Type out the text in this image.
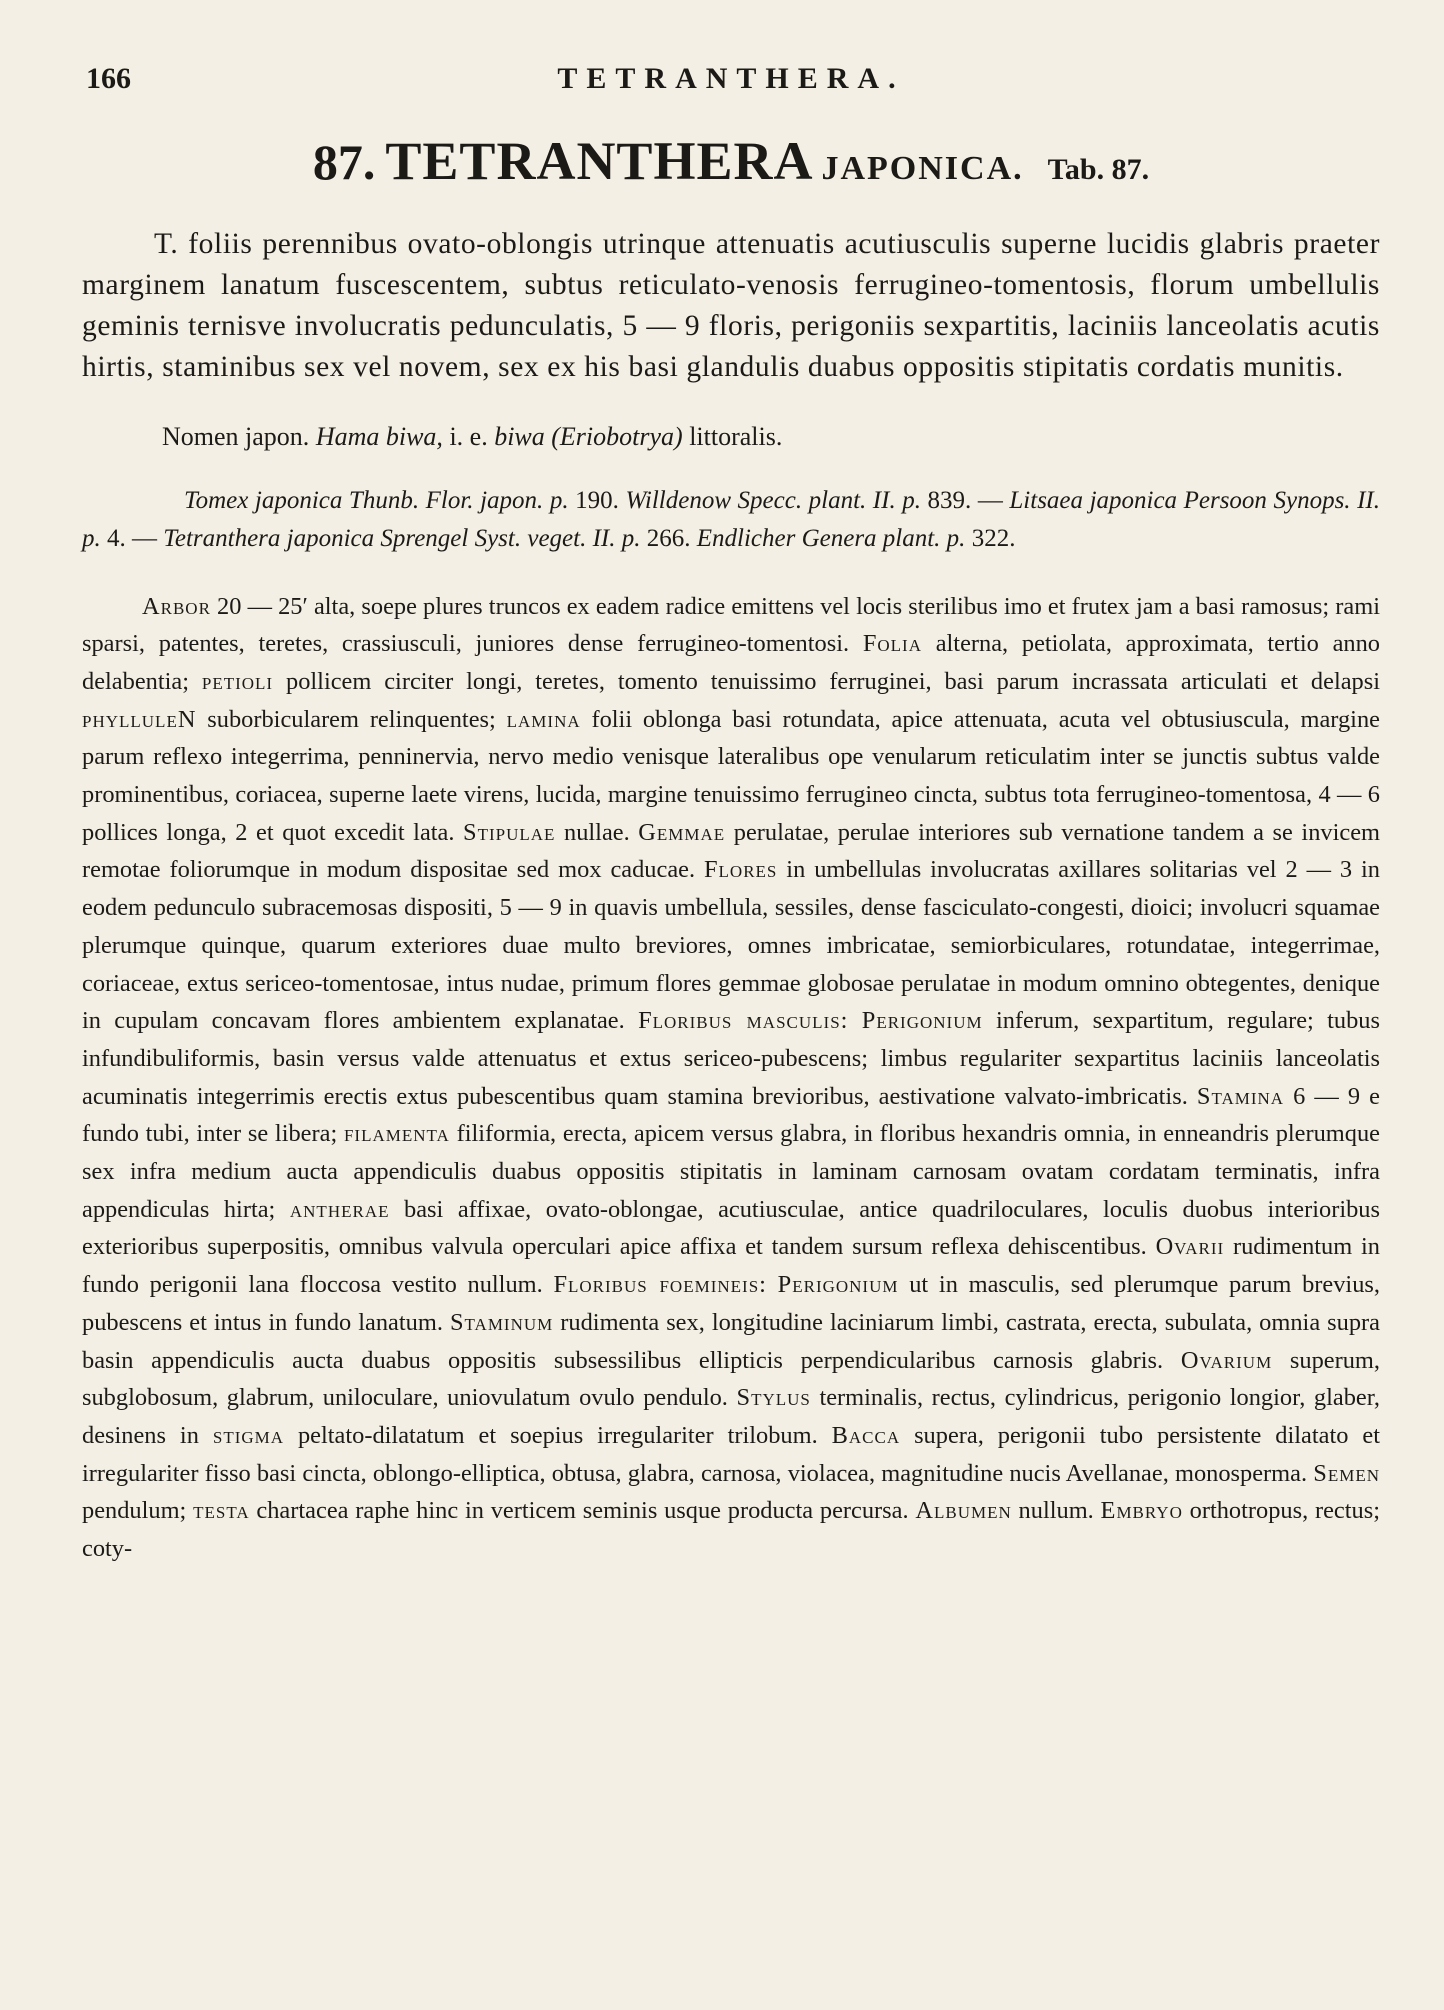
166	TETRANTHERA.
87. TETRANTHERA JAPONICA. Tab. 87.

T. foliis perennibus ovato-oblongis utrinque attenuatis acutiusculis superne lucidis glabris praeter marginem lanatum fuscescentem, subtus reticulato-venosis ferrugineo-tomentosis, florum umbellulis geminis ternisve involucratis pedunculatis, 5 — 9 floris, perigoniis sexpartitis, laciniis lanceolatis acutis hirtis, staminibus sex vel novem, sex ex his basi glandulis duabus oppositis stipitatis cordatis munitis.

Nomen japon. Hama biwa, i. e. biwa (Eriobotrya) littoralis.

Tomex japonica Thunb. Flor. japon. p. 190. Willdenow Specc. plant. II. p. 839. — Litsaea japonica Persoon Synops. II. p. 4. — Tetranthera japonica Sprengel Syst. veget. II. p. 266. Endlicher Genera plant. p. 322.

Arbor 20 — 25′ alta, soepe plures truncos ex eadem radice emittens vel locis sterilibus imo et frutex jam a basi ramosus; rami sparsi, patentes, teretes, crassiusculi, juniores dense ferrugineo-tomentosi. Folia alterna, petiolata, approximata, tertio anno delabentia; petioli pollicem circiter longi, teretes, tomento tenuissimo ferruginei, basi parum incrassata articulati et delapsi phylluleN suborbicularem relinquentes; lamina folii oblonga basi rotundata, apice attenuata, acuta vel obtusiuscula, margine parum reflexo integerrima, penninervia, nervo medio venisque lateralibus ope venularum reticulatim inter se junctis subtus valde prominentibus, coriacea, superne laete virens, lucida, margine tenuissimo ferrugineo cincta, subtus tota ferrugineo-tomentosa, 4 — 6 pollices longa, 2 et quot excedit lata. Stipulae nullae. Gemmae perulatae, perulae interiores sub vernatione tandem a se invicem remotae foliorumque in modum dispositae sed mox caducae. Flores in umbellulas involucratas axillares solitarias vel 2 — 3 in eodem pedunculo subracemosas dispositi, 5 — 9 in quavis umbellula, sessiles, dense fasciculato-congesti, dioici; involucri squamae plerumque quinque, quarum exteriores duae multo breviores, omnes imbricatae, semiorbiculares, rotundatae, integerrimae, coriaceae, extus sericeo-tomentosae, intus nudae, primum flores gemmae globosae perulatae in modum omnino obtegentes, denique in cupulam concavam flores ambientem explanatae. Floribus masculis: Perigonium inferum, sexpartitum, regulare; tubus infundibuliformis, basin versus valde attenuatus et extus sericeo-pubescens; limbus regulariter sexpartitus laciniis lanceolatis acuminatis integerrimis erectis extus pubescentibus quam stamina brevioribus, aestivatione valvato-imbricatis. Stamina 6 — 9 e fundo tubi, inter se libera; filamenta filiformia, erecta, apicem versus glabra, in floribus hexandris omnia, in enneandris plerumque sex infra medium aucta appendiculis duabus oppositis stipitatis in laminam carnosam ovatam cordatam terminatis, infra appendiculas hirta; antherae basi affixae, ovato-oblongae, acutiusculae, antice quadriloculares, loculis duobus interioribus exterioribus superpositis, omnibus valvula operculari apice affixa et tandem sursum reflexa dehiscentibus. Ovarii rudimentum in fundo perigonii lana floccosa vestito nullum. Floribus foemineis: Perigonium ut in masculis, sed plerumque parum brevius, pubescens et intus in fundo lanatum. Staminum rudimenta sex, longitudine laciniarum limbi, castrata, erecta, subulata, omnia supra basin appendiculis aucta duabus oppositis subsessilibus ellipticis perpendicularibus carnosis glabris. Ovarium superum, subglobosum, glabrum, uniloculare, uniovulatum ovulo pendulo. Stylus terminalis, rectus, cylindricus, perigonio longior, glaber, desinens in stigma peltato-dilatatum et soepius irregulariter trilobum. Bacca supera, perigonii tubo persistente dilatato et irregulariter fisso basi cincta, oblongo-elliptica, obtusa, glabra, carnosa, violacea, magnitudine nucis Avellanae, monosperma. Semen pendulum; testa chartacea raphe hinc in verticem seminis usque producta percursa. Albumen nullum. Embryo orthotropus, rectus; coty-
